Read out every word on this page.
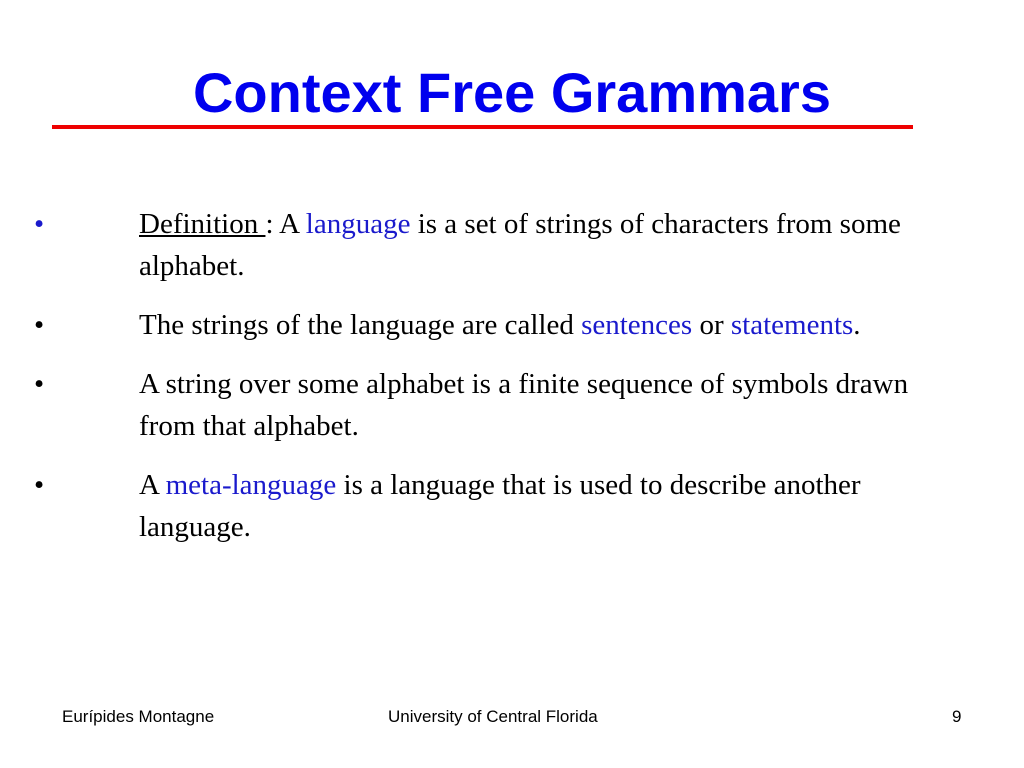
Context Free Grammars
•	Definition : A language is a set of strings of characters from some alphabet.
•	The strings of the language are called sentences or statements.
•	A string over some alphabet is a finite sequence of symbols drawn from that alphabet.
•	A meta-language is a language that is used to describe another language.
Eurípides Montagne	University of Central Florida	9
